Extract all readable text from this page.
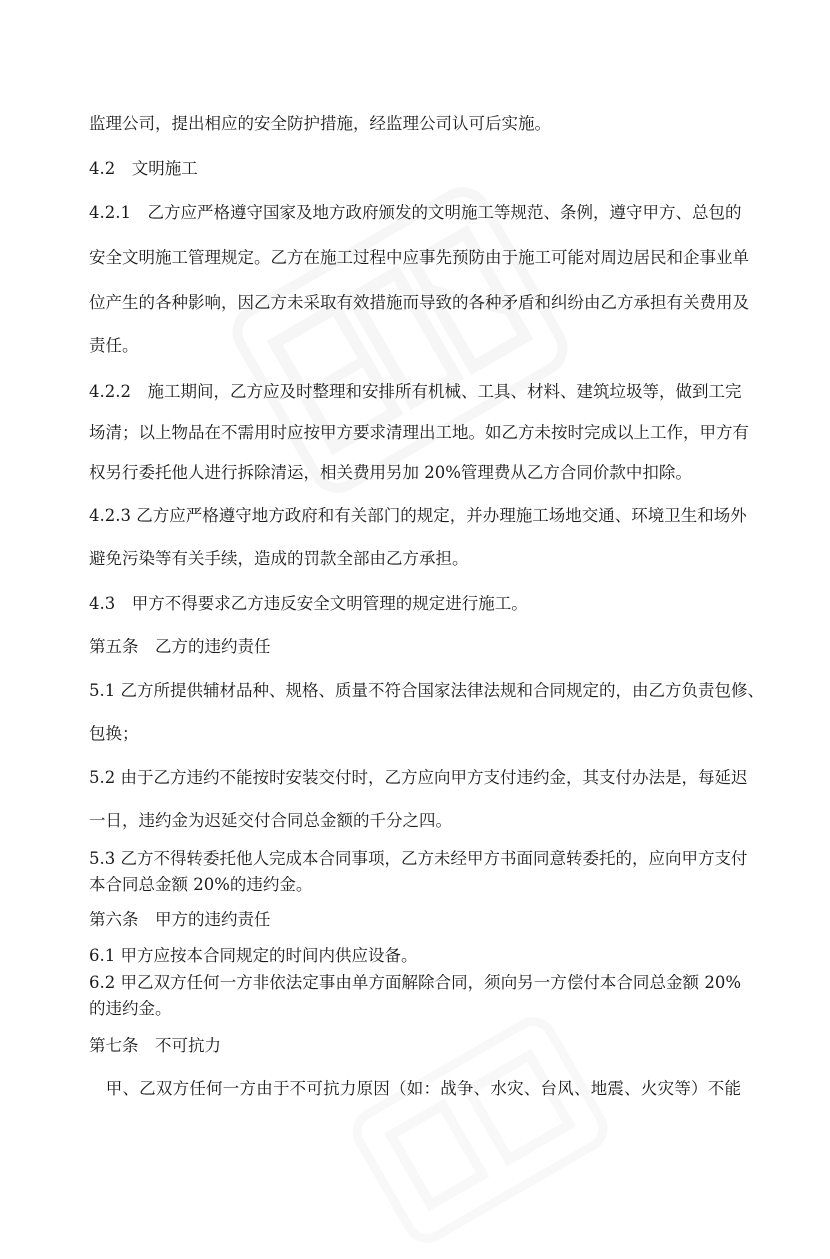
监理公司，提出相应的安全防护措施，经监理公司认可后实施。
4.2　文明施工
4.2.1　乙方应严格遵守国家及地方政府颁发的文明施工等规范、条例，遵守甲方、总包的
安全文明施工管理规定。乙方在施工过程中应事先预防由于施工可能对周边居民和企事业单
位产生的各种影响，因乙方未采取有效措施而导致的各种矛盾和纠纷由乙方承担有关费用及
责任。
4.2.2　施工期间，乙方应及时整理和安排所有机械、工具、材料、建筑垃圾等，做到工完
场清；以上物品在不需用时应按甲方要求清理出工地。如乙方未按时完成以上工作，甲方有
权另行委托他人进行拆除清运，相关费用另加 20%管理费从乙方合同价款中扣除。
4.2.3 乙方应严格遵守地方政府和有关部门的规定，并办理施工场地交通、环境卫生和场外
避免污染等有关手续，造成的罚款全部由乙方承担。
4.3　甲方不得要求乙方违反安全文明管理的规定进行施工。
第五条　乙方的违约责任
5.1 乙方所提供辅材品种、规格、质量不符合国家法律法规和合同规定的，由乙方负责包修、
包换；
5.2 由于乙方违约不能按时安装交付时，乙方应向甲方支付违约金，其支付办法是，每延迟
一日，违约金为迟延交付合同总金额的千分之四。
5.3 乙方不得转委托他人完成本合同事项，乙方未经甲方书面同意转委托的，应向甲方支付
本合同总金额 20%的违约金。
第六条　甲方的违约责任
6.1 甲方应按本合同规定的时间内供应设备。
6.2 甲乙双方任何一方非依法定事由单方面解除合同，须向另一方偿付本合同总金额 20%
的违约金。
第七条　不可抗力
　甲、乙双方任何一方由于不可抗力原因（如：战争、水灾、台风、地震、火灾等）不能
